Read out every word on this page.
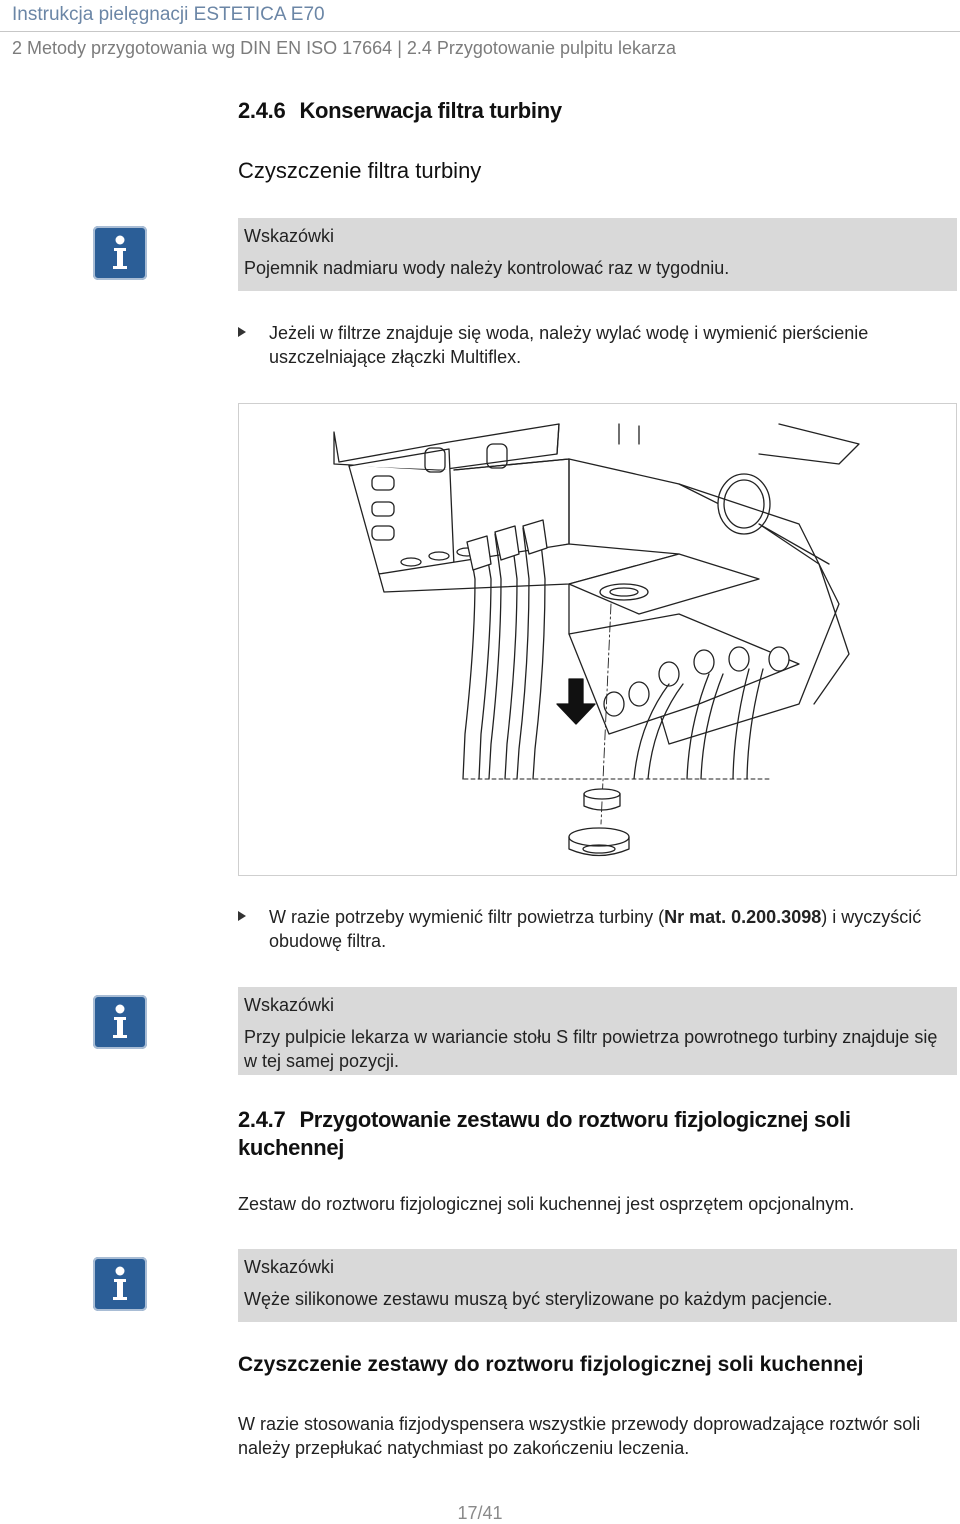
Instrukcja pielęgnacji ESTETICA E70
2 Metody przygotowania wg DIN EN ISO 17664 | 2.4 Przygotowanie pulpitu lekarza
2.4.6 Konserwacja filtra turbiny
Czyszczenie filtra turbiny
Wskazówki
Pojemnik nadmiaru wody należy kontrolować raz w tygodniu.
Jeżeli w filtrze znajduje się woda, należy wylać wodę i wymienić pierścienie uszczelniające złączki Multiflex.
W razie potrzeby wymienić filtr powietrza turbiny (Nr mat. 0.200.3098) i wyczyścić obudowę filtra.
Wskazówki
Przy pulpicie lekarza w wariancie stołu S filtr powietrza powrotnego turbiny znajduje się w tej samej pozycji.
2.4.7 Przygotowanie zestawu do roztworu fizjologicznej soli kuchennej
Zestaw do roztworu fizjologicznej soli kuchennej jest osprzętem opcjonalnym.
Wskazówki
Węże silikonowe zestawu muszą być sterylizowane po każdym pacjencie.
Czyszczenie zestawy do roztworu fizjologicznej soli kuchennej
W razie stosowania fizjodyspensera wszystkie przewody doprowadzające roztwór soli należy przepłukać natychmiast po zakończeniu leczenia.
17/41
